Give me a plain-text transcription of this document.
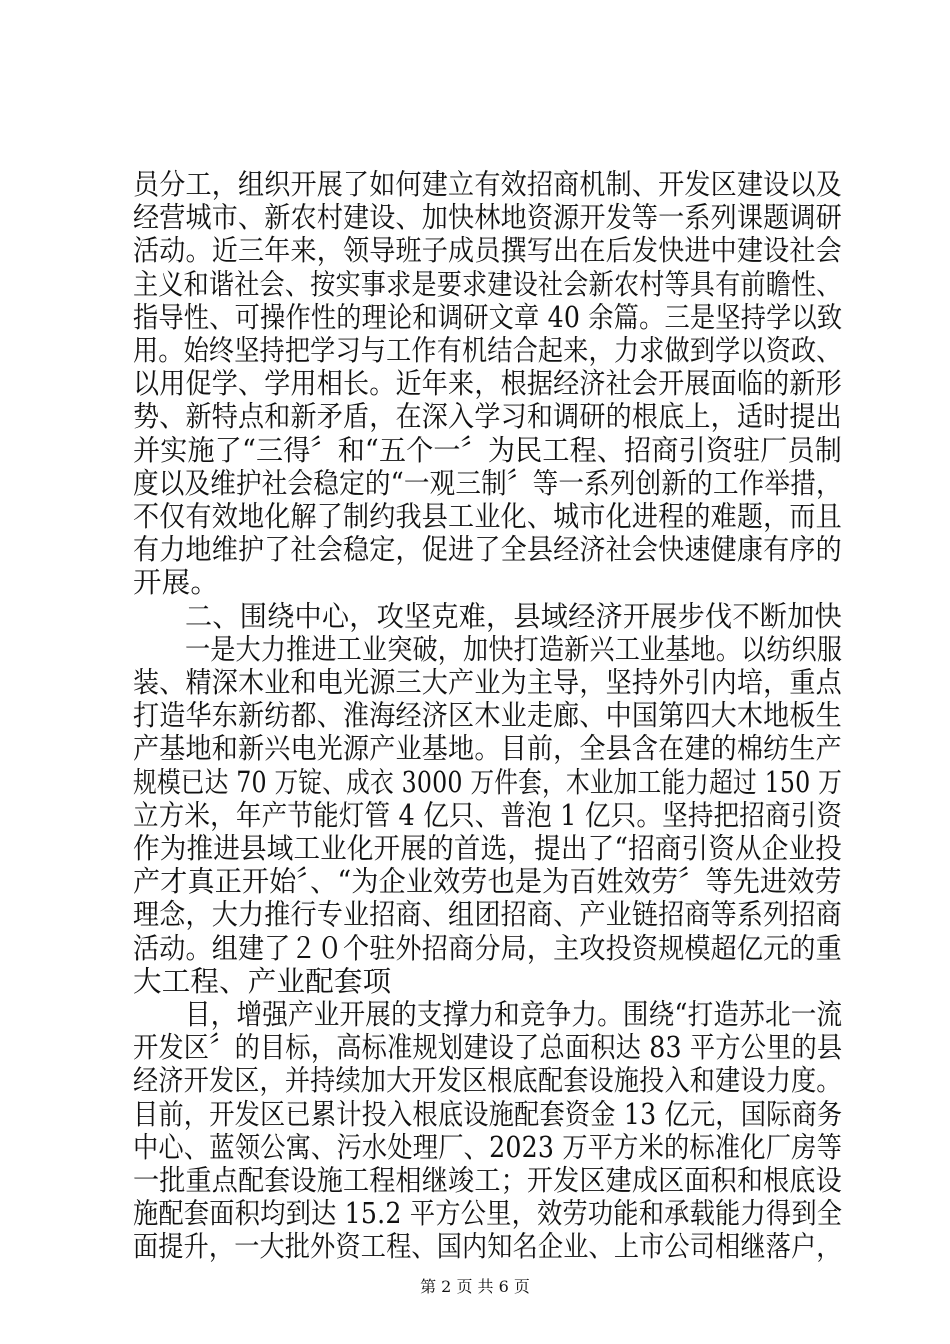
员分工，组织开展了如何建立有效招商机制、开发区建设以及
经营城市、新农村建设、加快林地资源开发等一系列课题调研
活动。近三年来，领导班子成员撰写出在后发快进中建设社会
主义和谐社会、按实事求是要求建设社会新农村等具有前瞻性、
指导性、可操作性的理论和调研文章 40 余篇。三是坚持学以致
用。始终坚持把学习与工作有机结合起来，力求做到学以资政、
以用促学、学用相长。近年来，根据经济社会开展面临的新形
势、新特点和新矛盾，在深入学习和调研的根底上，适时提出
并实施了“三得〞和“五个一〞为民工程、招商引资驻厂员制
度以及维护社会稳定的“一观三制〞等一系列创新的工作举措，
不仅有效地化解了制约我县工业化、城市化进程的难题，而且
有力地维护了社会稳定，促进了全县经济社会快速健康有序的
开展。
二、围绕中心，攻坚克难，县域经济开展步伐不断加快
一是大力推进工业突破，加快打造新兴工业基地。以纺织服
装、精深木业和电光源三大产业为主导，坚持外引内培，重点
打造华东新纺都、淮海经济区木业走廊、中国第四大木地板生
产基地和新兴电光源产业基地。目前，全县含在建的棉纺生产
规模已达 70 万锭、成衣 3000 万件套，木业加工能力超过 150 万
立方米，年产节能灯管 4 亿只、普泡 1 亿只。坚持把招商引资
作为推进县域工业化开展的首选，提出了“招商引资从企业投
产才真正开始〞、“为企业效劳也是为百姓效劳〞等先进效劳
理念，大力推行专业招商、组团招商、产业链招商等系列招商
活动。组建了２０个驻外招商分局，主攻投资规模超亿元的重
大工程、产业配套项
目，增强产业开展的支撑力和竞争力。围绕“打造苏北一流
开发区〞的目标，高标准规划建设了总面积达 83 平方公里的县
经济开发区，并持续加大开发区根底配套设施投入和建设力度。
目前，开发区已累计投入根底设施配套资金 13 亿元，国际商务
中心、蓝领公寓、污水处理厂、2023 万平方米的标准化厂房等
一批重点配套设施工程相继竣工；开发区建成区面积和根底设
施配套面积均到达 15.2 平方公里，效劳功能和承载能力得到全
面提升，一大批外资工程、国内知名企业、上市公司相继落户，
第 2 页 共 6 页
